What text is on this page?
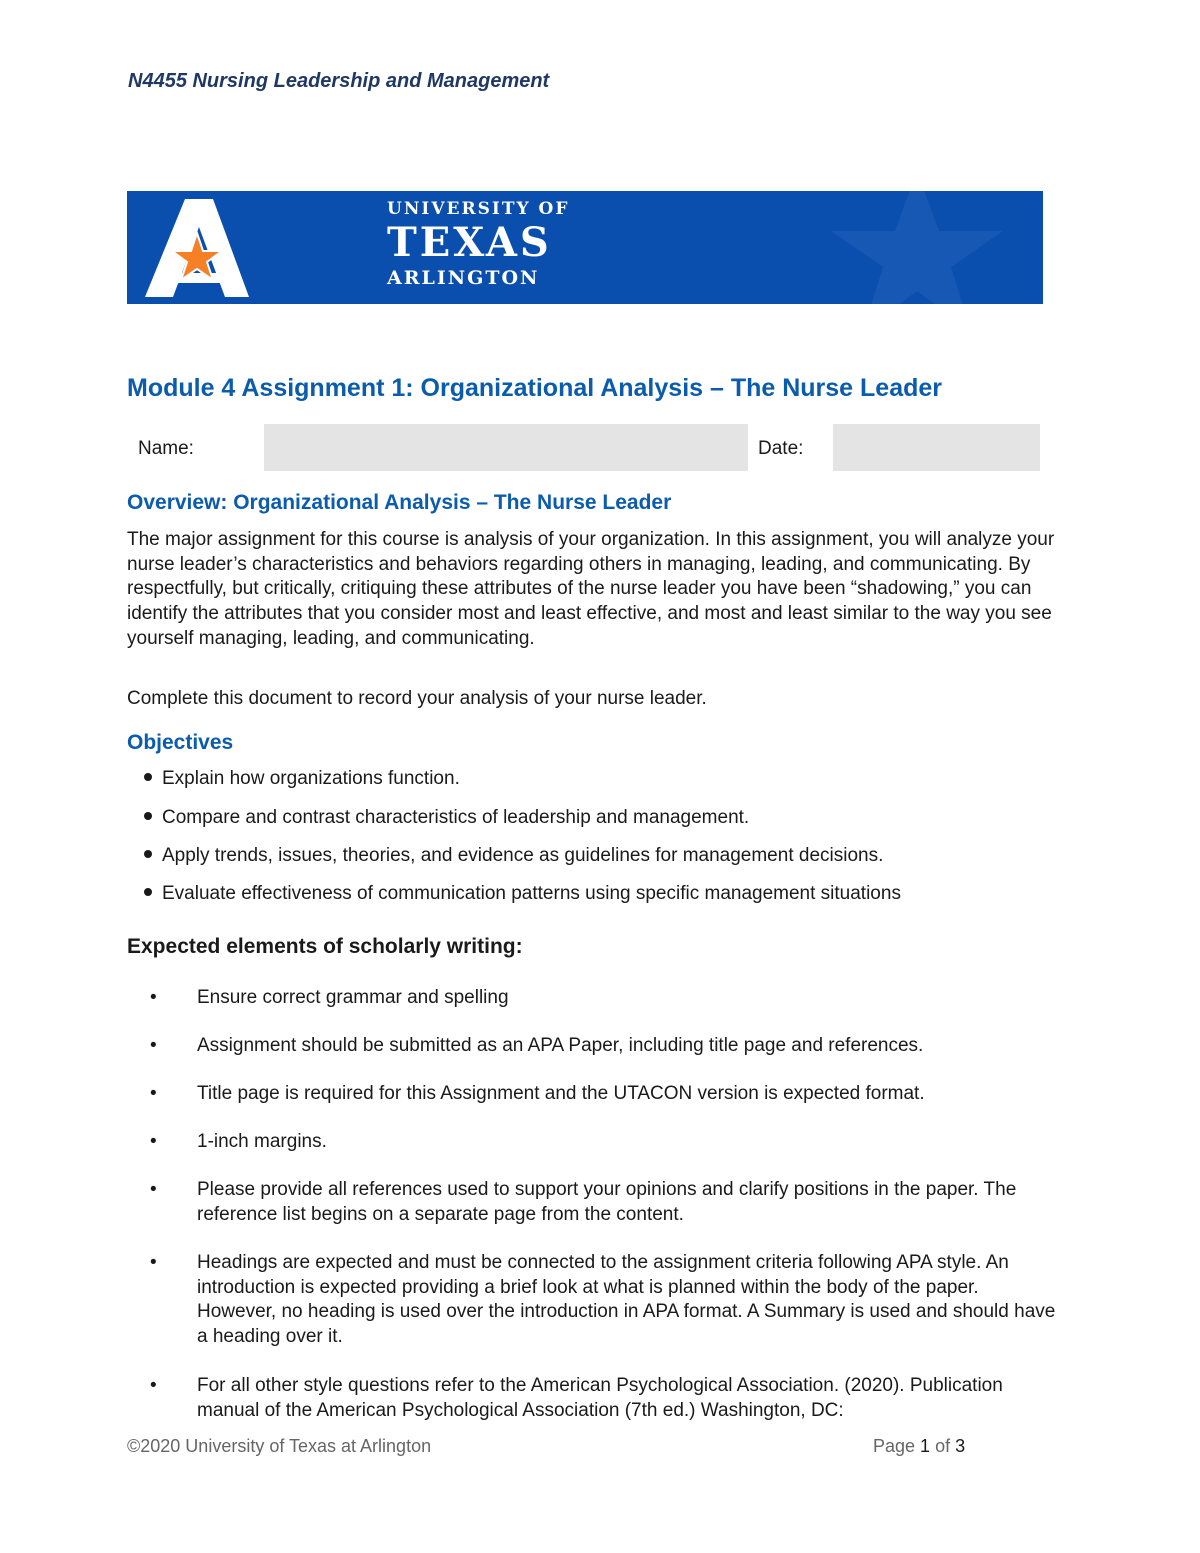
N4455 Nursing Leadership and Management
UNIVERSITY OF
TEXAS
ARLINGTON
Module 4 Assignment 1: Organizational Analysis – The Nurse Leader
Name:	Date:
Overview: Organizational Analysis – The Nurse Leader

The major assignment for this course is analysis of your organization. In this assignment, you will analyze your nurse leader’s characteristics and behaviors regarding others in managing, leading, and communicating. By respectfully, but critically, critiquing these attributes of the nurse leader you have been “shadowing,” you can identify the attributes that you consider most and least effective, and most and least similar to the way you see yourself managing, leading, and communicating.

Complete this document to record your analysis of your nurse leader.

Objectives
Explain how organizations function.
Compare and contrast characteristics of leadership and management.
Apply trends, issues, theories, and evidence as guidelines for management decisions.
Evaluate effectiveness of communication patterns using specific management situations
Expected elements of scholarly writing:
• Ensure correct grammar and spelling
• Assignment should be submitted as an APA Paper, including title page and references.
• Title page is required for this Assignment and the UTACON version is expected format.
• 1-inch margins.
• Please provide all references used to support your opinions and clarify positions in the paper. The reference list begins on a separate page from the content.
• Headings are expected and must be connected to the assignment criteria following APA style. An introduction is expected providing a brief look at what is planned within the body of the paper. However, no heading is used over the introduction in APA format. A Summary is used and should have a heading over it.
• For all other style questions refer to the American Psychological Association. (2020). Publication manual of the American Psychological Association (7th ed.) Washington, DC:
©2020 University of Texas at Arlington	Page 1 of 3
